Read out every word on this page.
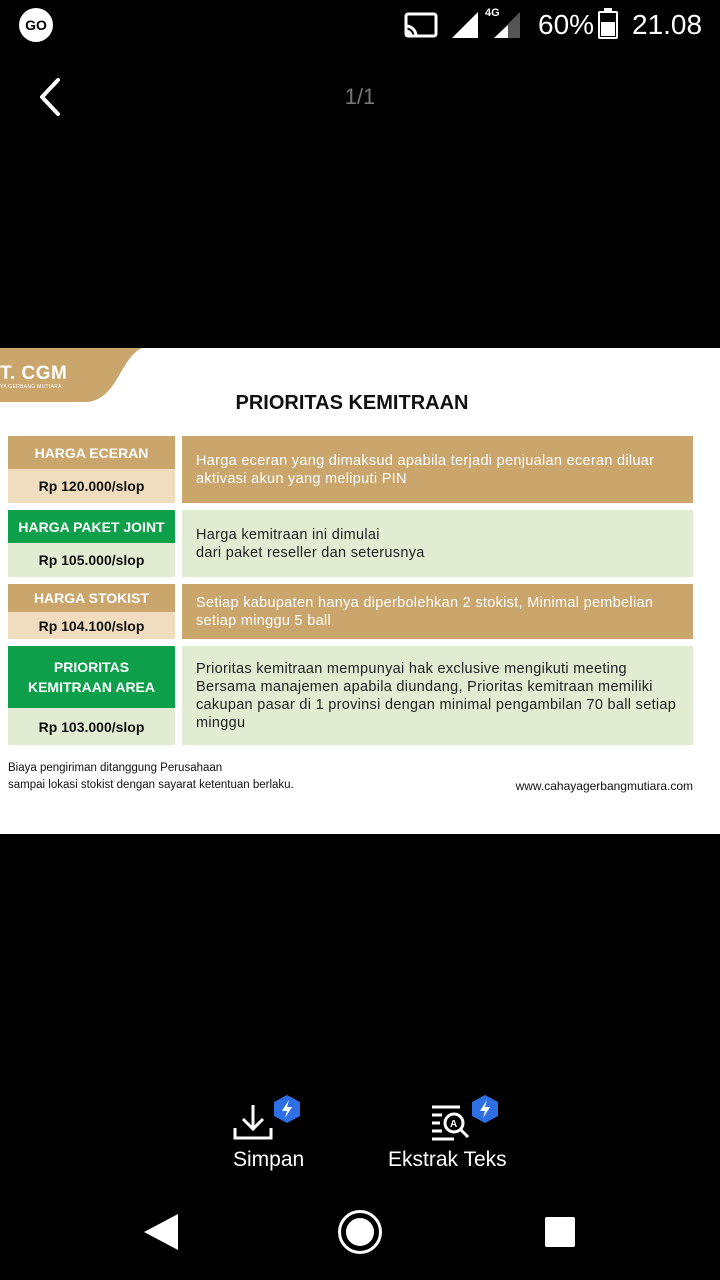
GO
4G 60% 21.08
1/1
T. CGM
YA GERBANG MUTIARA
PRIORITAS KEMITRAAN
HARGA ECERAN
Rp 120.000/slop
Harga eceran yang dimaksud apabila terjadi penjualan eceran diluar aktivasi akun yang meliputi PIN
HARGA PAKET JOINT
Rp 105.000/slop
Harga kemitraan ini dimulai
dari paket reseller dan seterusnya
HARGA STOKIST
Rp 104.100/slop
Setiap kabupaten hanya diperbolehkan 2 stokist, Minimal pembelian setiap minggu 5 ball
PRIORITAS
KEMITRAAN AREA
Rp 103.000/slop
Prioritas kemitraan mempunyai hak exclusive mengikuti meeting Bersama manajemen apabila diundang, Prioritas kemitraan memiliki cakupan pasar di 1 provinsi dengan minimal pengambilan 70 ball setiap minggu
Biaya pengiriman ditanggung Perusahaan
sampai lokasi stokist dengan sayarat ketentuan berlaku.	www.cahayagerbangmutiara.com
Simpan
A
Ekstrak Teks
